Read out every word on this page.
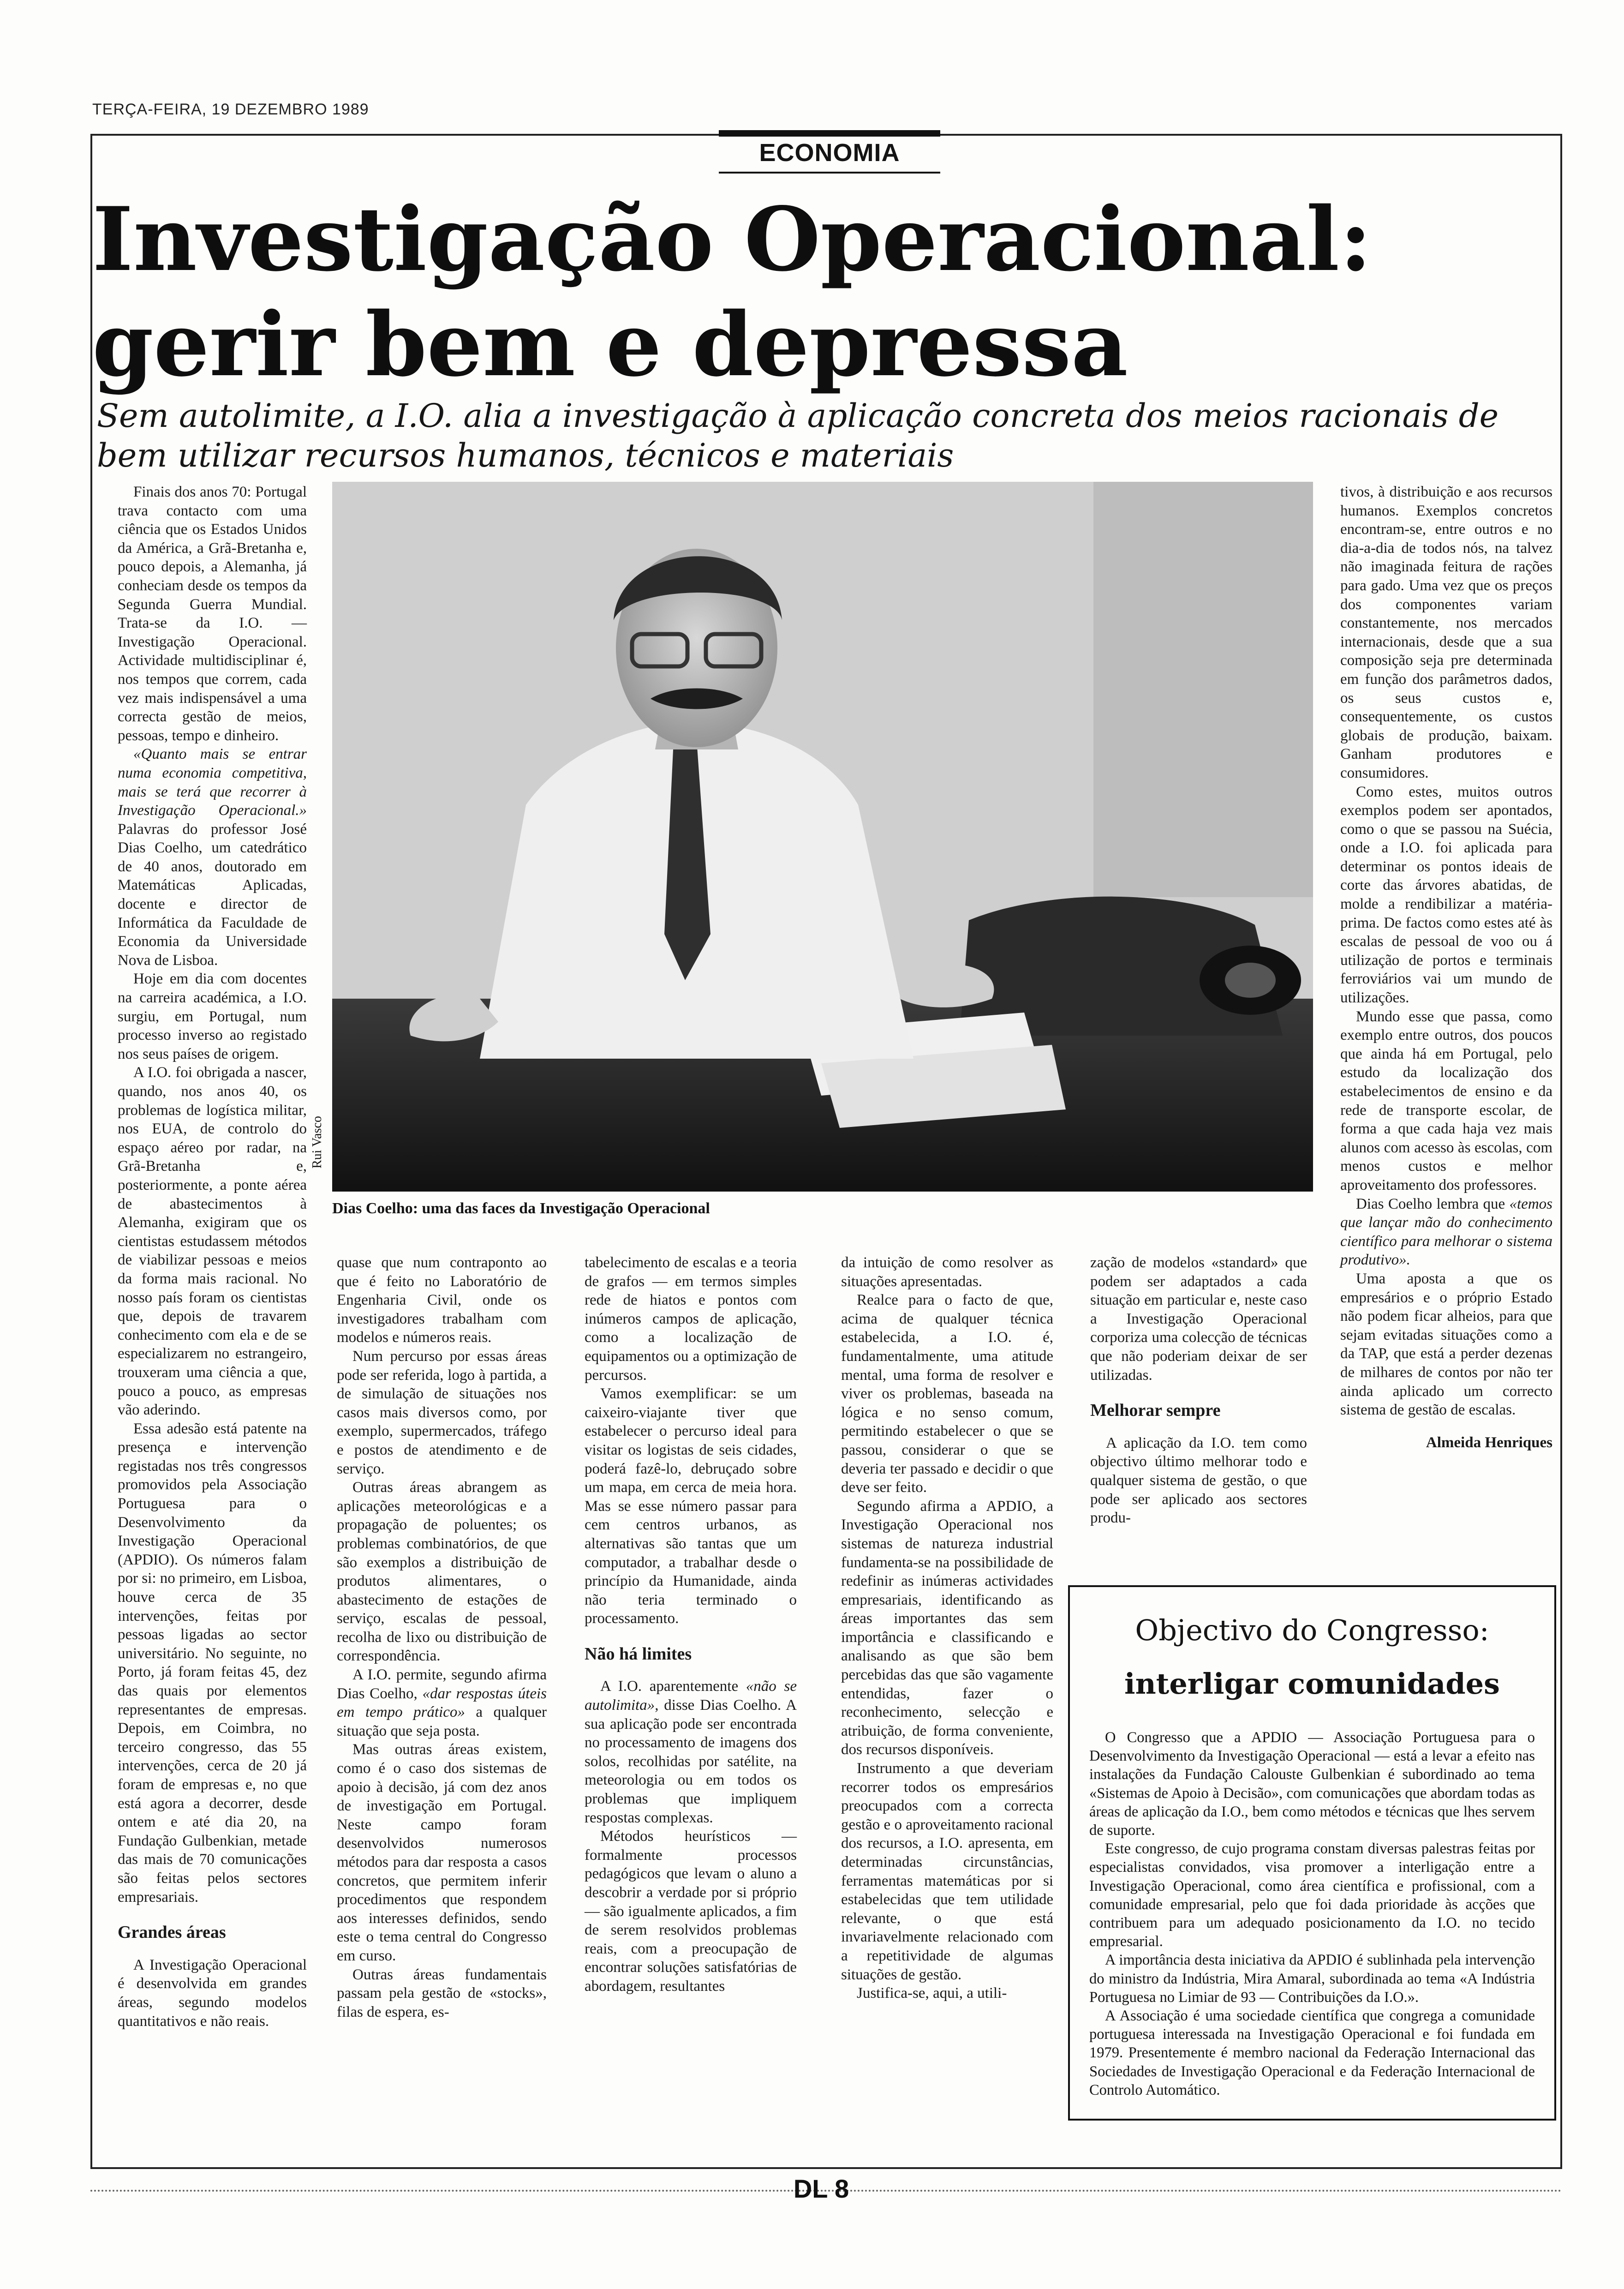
TERÇA-FEIRA, 19 DEZEMBRO 1989
ECONOMIA
Investigação Operacional:
gerir bem e depressa

Sem autolimite, a I.O. alia a investigação à aplicação concreta dos meios racionais de bem utilizar recursos humanos, técnicos e materiais

Finais dos anos 70: Portugal trava contacto com uma ciência que os Estados Unidos da América, a Grã-Bretanha e, pouco depois, a Alemanha, já conheciam desde os tempos da Segunda Guerra Mundial. Trata-se da I.O. — Investigação Operacional. Actividade multidisciplinar é, nos tempos que correm, cada vez mais indispensável a uma correcta gestão de meios, pessoas, tempo e dinheiro.

«Quanto mais se entrar numa economia competitiva, mais se terá que recorrer à Investigação Operacional.» Palavras do professor José Dias Coelho, um catedrático de 40 anos, doutorado em Matemáticas Aplicadas, docente e director de Informática da Faculdade de Economia da Universidade Nova de Lisboa.

Hoje em dia com docentes na carreira académica, a I.O. surgiu, em Portugal, num processo inverso ao registado nos seus países de origem.

A I.O. foi obrigada a nascer, quando, nos anos 40, os problemas de logística militar, nos EUA, de controlo do espaço aéreo por radar, na Grã-Bretanha e, posteriormente, a ponte aérea de abastecimentos à Alemanha, exigiram que os cientistas estudassem métodos de viabilizar pessoas e meios da forma mais racional. No nosso país foram os cientistas que, depois de travarem conhecimento com ela e de se especializarem no estrangeiro, trouxeram uma ciência a que, pouco a pouco, as empresas vão aderindo.

Essa adesão está patente na presença e intervenção registadas nos três congressos promovidos pela Associação Portuguesa para o Desenvolvimento da Investigação Operacional (APDIO). Os números falam por si: no primeiro, em Lisboa, houve cerca de 35 intervenções, feitas por pessoas ligadas ao sector universitário. No seguinte, no Porto, já foram feitas 45, dez das quais por elementos representantes de empresas. Depois, em Coimbra, no terceiro congresso, das 55 intervenções, cerca de 20 já foram de empresas e, no que está agora a decorrer, desde ontem e até dia 20, na Fundação Gulbenkian, metade das mais de 70 comunicações são feitas pelos sectores empresariais.

Grandes áreas

A Investigação Operacional é desenvolvida em grandes áreas, segundo modelos quantitativos e não reais.

Rui Vasco
Dias Coelho: uma das faces da Investigação Operacional

quase que num contraponto ao que é feito no Laboratório de Engenharia Civil, onde os investigadores trabalham com modelos e números reais.

Num percurso por essas áreas pode ser referida, logo à partida, a de simulação de situações nos casos mais diversos como, por exemplo, supermercados, tráfego e postos de atendimento e de serviço.

Outras áreas abrangem as aplicações meteorológicas e a propagação de poluentes; os problemas combinatórios, de que são exemplos a distribuição de produtos alimentares, o abastecimento de estações de serviço, escalas de pessoal, recolha de lixo ou distribuição de correspondência.

A I.O. permite, segundo afirma Dias Coelho, «dar respostas úteis em tempo prático» a qualquer situação que seja posta.

Mas outras áreas existem, como é o caso dos sistemas de apoio à decisão, já com dez anos de investigação em Portugal. Neste campo foram desenvolvidos numerosos métodos para dar resposta a casos concretos, que permitem inferir procedimentos que respondem aos interesses definidos, sendo este o tema central do Congresso em curso.

Outras áreas fundamentais passam pela gestão de «stocks», filas de espera, es-

tabelecimento de escalas e a teoria de grafos — em termos simples rede de hiatos e pontos com inúmeros campos de aplicação, como a localização de equipamentos ou a optimização de percursos.

Vamos exemplificar: se um caixeiro-viajante tiver que estabelecer o percurso ideal para visitar os logistas de seis cidades, poderá fazê-lo, debruçado sobre um mapa, em cerca de meia hora. Mas se esse número passar para cem centros urbanos, as alternativas são tantas que um computador, a trabalhar desde o princípio da Humanidade, ainda não teria terminado o processamento.

Não há limites

A I.O. aparentemente «não se autolimita», disse Dias Coelho. A sua aplicação pode ser encontrada no processamento de imagens dos solos, recolhidas por satélite, na meteorologia ou em todos os problemas que impliquem respostas complexas.

Métodos heurísticos — formalmente processos pedagógicos que levam o aluno a descobrir a verdade por si próprio — são igualmente aplicados, a fim de serem resolvidos problemas reais, com a preocupação de encontrar soluções satisfatórias de abordagem, resultantes

da intuição de como resolver as situações apresentadas.

Realce para o facto de que, acima de qualquer técnica estabelecida, a I.O. é, fundamentalmente, uma atitude mental, uma forma de resolver e viver os problemas, baseada na lógica e no senso comum, permitindo estabelecer o que se passou, considerar o que se deveria ter passado e decidir o que deve ser feito.

Segundo afirma a APDIO, a Investigação Operacional nos sistemas de natureza industrial fundamenta-se na possibilidade de redefinir as inúmeras actividades empresariais, identificando as áreas importantes das sem importância e classificando e analisando as que são bem percebidas das que são vagamente entendidas, fazer o reconhecimento, selecção e atribuição, de forma conveniente, dos recursos disponíveis.

Instrumento a que deveriam recorrer todos os empresários preocupados com a correcta gestão e o aproveitamento racional dos recursos, a I.O. apresenta, em determinadas circunstâncias, ferramentas matemáticas por si estabelecidas que tem utilidade relevante, o que está invariavelmente relacionado com a repetitividade de algumas situações de gestão.

Justifica-se, aqui, a utili-

zação de modelos «standard» que podem ser adaptados a cada situação em particular e, neste caso a Investigação Operacional corporiza uma colecção de técnicas que não poderiam deixar de ser utilizadas.

Melhorar sempre

A aplicação da I.O. tem como objectivo último melhorar todo e qualquer sistema de gestão, o que pode ser aplicado aos sectores produ-

tivos, à distribuição e aos recursos humanos. Exemplos concretos encontram-se, entre outros e no dia-a-dia de todos nós, na talvez não imaginada feitura de rações para gado. Uma vez que os preços dos componentes variam constantemente, nos mercados internacionais, desde que a sua composição seja pre determinada em função dos parâmetros dados, os seus custos e, consequentemente, os custos globais de produção, baixam. Ganham produtores e consumidores.

Como estes, muitos outros exemplos podem ser apontados, como o que se passou na Suécia, onde a I.O. foi aplicada para determinar os pontos ideais de corte das árvores abatidas, de molde a rendibilizar a matéria-prima. De factos como estes até às escalas de pessoal de voo ou á utilização de portos e terminais ferroviários vai um mundo de utilizações.

Mundo esse que passa, como exemplo entre outros, dos poucos que ainda há em Portugal, pelo estudo da localização dos estabelecimentos de ensino e da rede de transporte escolar, de forma a que cada haja vez mais alunos com acesso às escolas, com menos custos e melhor aproveitamento dos professores.

Dias Coelho lembra que «temos que lançar mão do conhecimento científico para melhorar o sistema produtivo».

Uma aposta a que os empresários e o próprio Estado não podem ficar alheios, para que sejam evitadas situações como a da TAP, que está a perder dezenas de milhares de contos por não ter ainda aplicado um correcto sistema de gestão de escalas.

Almeida Henriques

Objectivo do Congresso:
interligar comunidades

O Congresso que a APDIO — Associação Portuguesa para o Desenvolvimento da Investigação Operacional — está a levar a efeito nas instalações da Fundação Calouste Gulbenkian é subordinado ao tema «Sistemas de Apoio à Decisão», com comunicações que abordam todas as áreas de aplicação da I.O., bem como métodos e técnicas que lhes servem de suporte.

Este congresso, de cujo programa constam diversas palestras feitas por especialistas convidados, visa promover a interligação entre a Investigação Operacional, como área científica e profissional, com a comunidade empresarial, pelo que foi dada prioridade às acções que contribuem para um adequado posicionamento da I.O. no tecido empresarial.

A importância desta iniciativa da APDIO é sublinhada pela intervenção do ministro da Indústria, Mira Amaral, subordinada ao tema «A Indústria Portuguesa no Limiar de 93 — Contribuições da I.O.».

A Associação é uma sociedade científica que congrega a comunidade portuguesa interessada na Investigação Operacional e foi fundada em 1979. Presentemente é membro nacional da Federação Internacional das Sociedades de Investigação Operacional e da Federação Internacional de Controlo Automático.

DL 8
